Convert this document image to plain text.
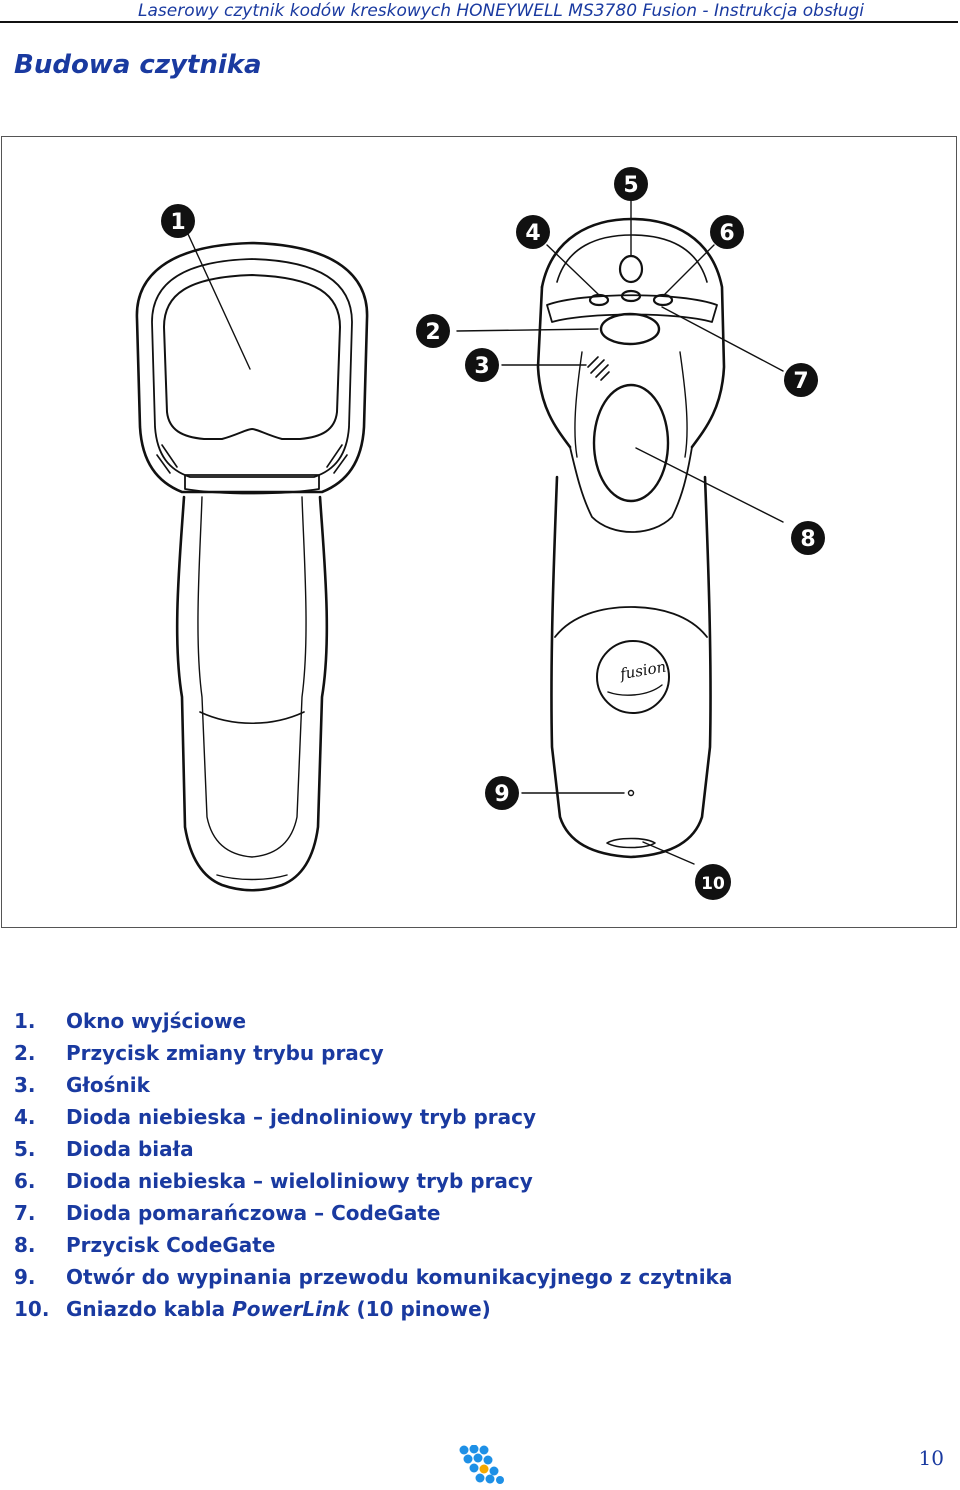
Laserowy czytnik kodów kreskowych HONEYWELL MS3780 Fusion - Instrukcja obsługi
Budowa czytnika
fusion
1
2
3
4
5
6
7
8
9
10
1. Okno wyjściowe
2. Przycisk zmiany trybu pracy
3. Głośnik
4. Dioda niebieska – jednoliniowy tryb pracy
5. Dioda biała
6. Dioda niebieska – wieloliniowy tryb pracy
7. Dioda pomarańczowa – CodeGate
8. Przycisk CodeGate
9. Otwór do wypinania przewodu komunikacyjnego z czytnika
10. Gniazdo kabla PowerLink (10 pinowe)
10
